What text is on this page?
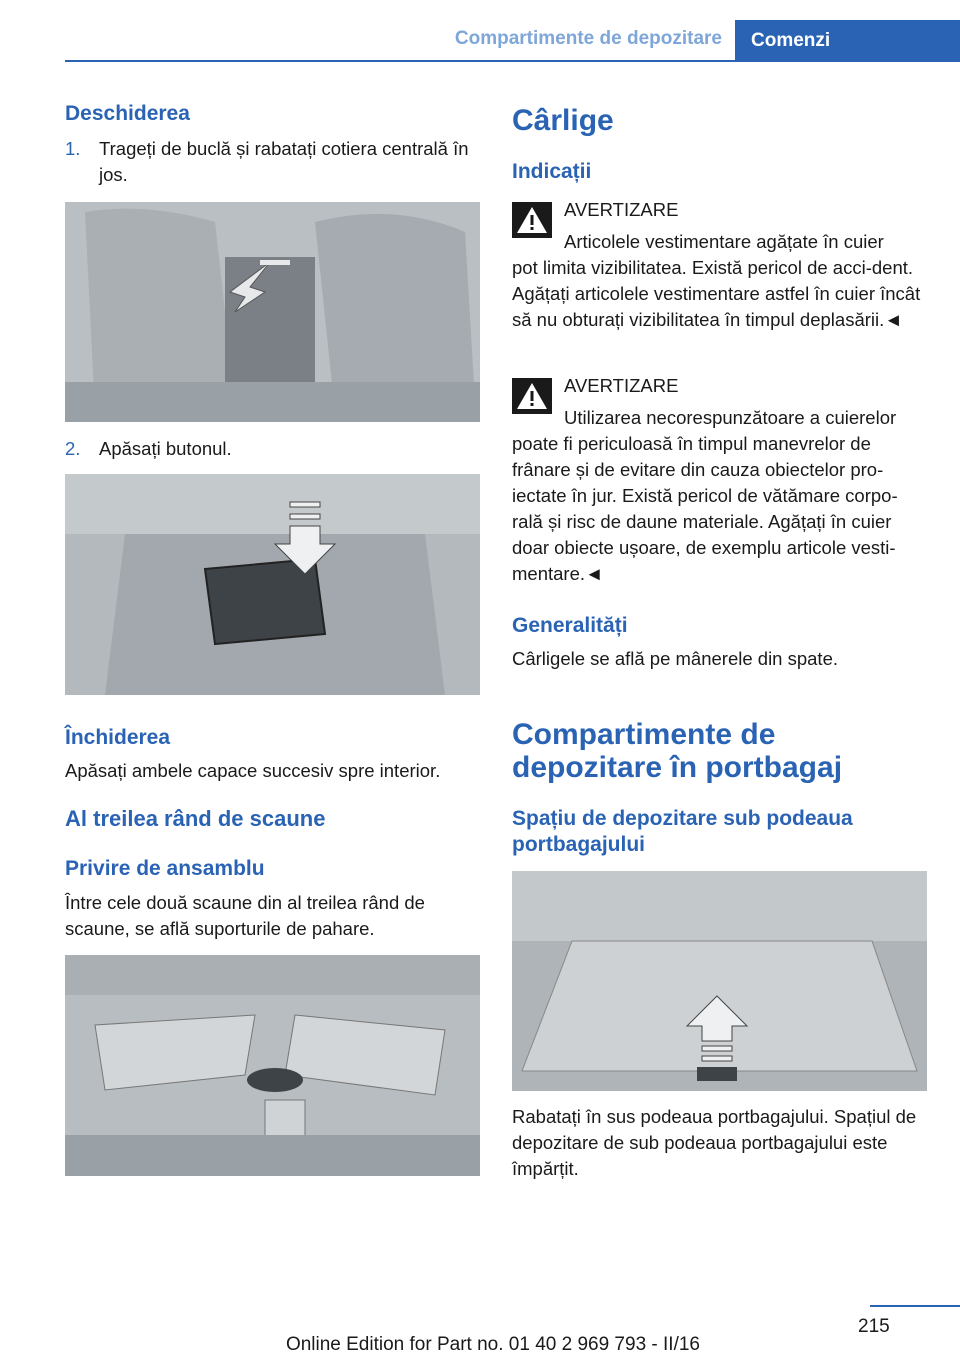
Compartimente de depozitare	Comenzi
Deschiderea
1. Trageți de buclă și rabatați cotiera centrală în jos.
2. Apăsați butonul.
Închiderea

Apăsați ambele capace succesiv spre interior.

Al treilea rând de scaune
Privire de ansamblu

Între cele două scaune din al treilea rând de scaune, se află suporturile de pahare.

Cârlige
Indicații
AVERTIZARE
Articolele vestimentare agățate în cuier

pot limita vizibilitatea. Există pericol de acci-dent. Agățați articolele vestimentare astfel în cuier încât să nu obturați vizibilitatea în timpul deplasării.◄

AVERTIZARE
Utilizarea necorespunzătoare a cuierelor

poate fi periculoasă în timpul manevrelor de frânare și de evitare din cauza obiectelor pro-iectate în jur. Există pericol de vătămare corpo-rală și risc de daune materiale. Agățați în cuier doar obiecte ușoare, de exemplu articole vesti-mentare.◄

Generalități

Cârligele se află pe mânerele din spate.

Compartimente de depozitare în portbagaj
Spațiu de depozitare sub podeaua portbagajului

Rabatați în sus podeaua portbagajului. Spațiul de depozitare de sub podeaua portbagajului este împărțit.

215
Online Edition for Part no. 01 40 2 969 793 - II/16
